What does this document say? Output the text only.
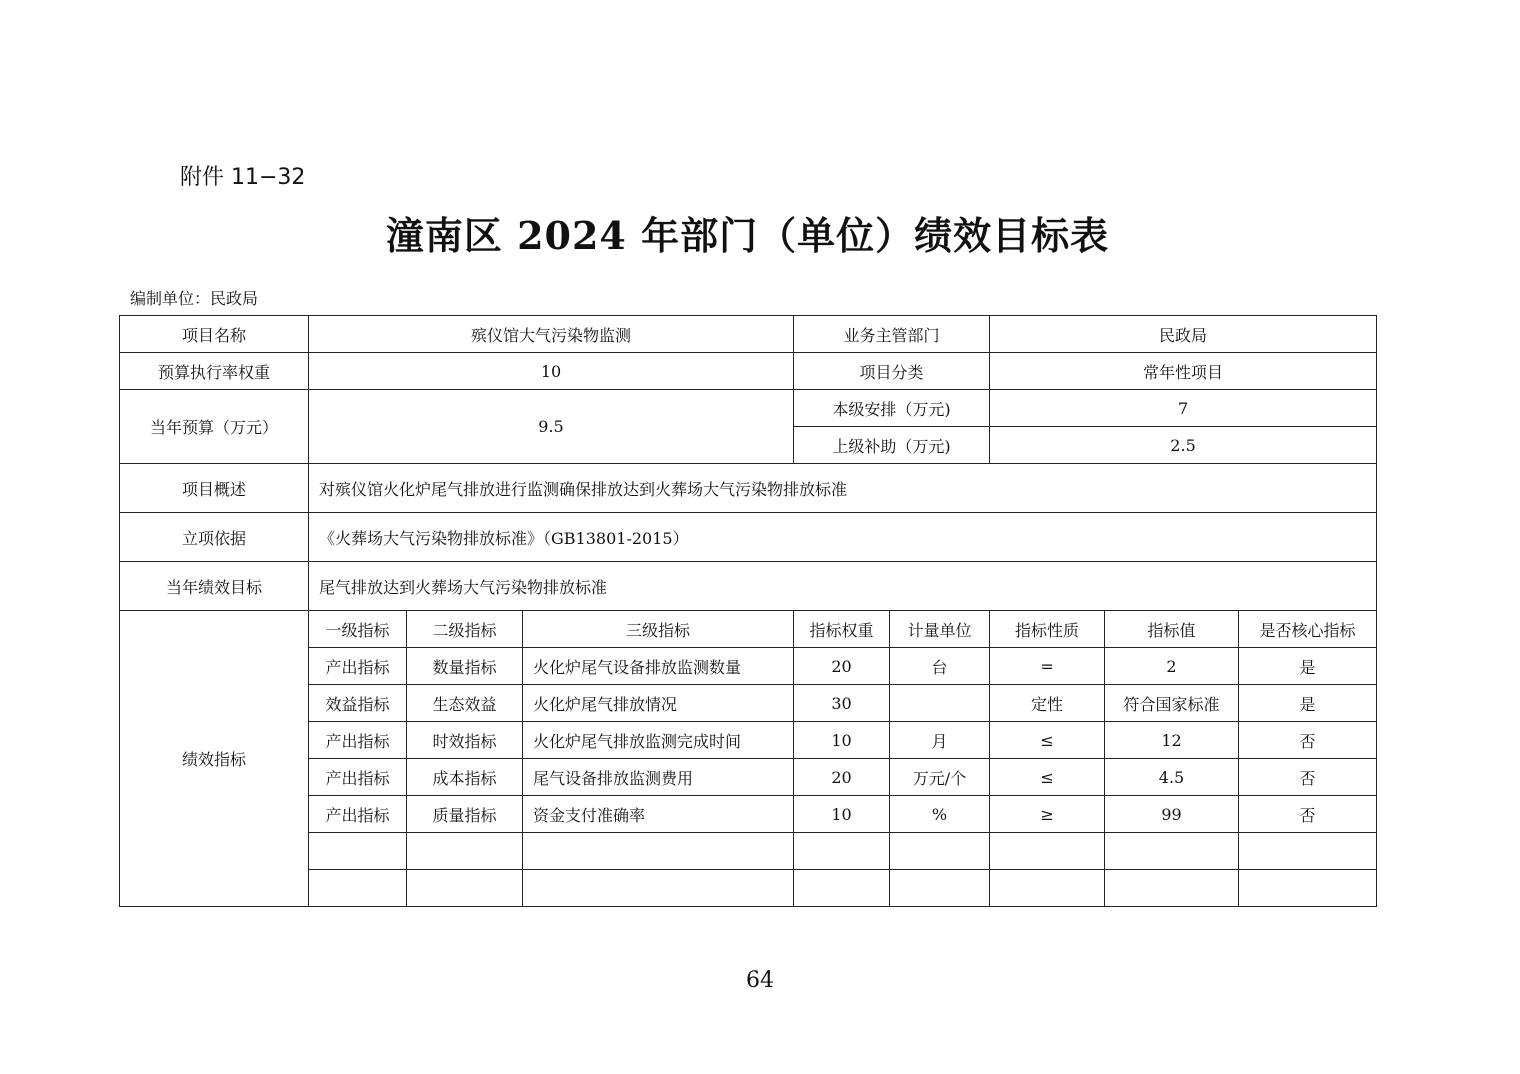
附件 11−32
潼南区 2024 年部门（单位）绩效目标表
编制单位：民政局
项目名称	殡仪馆大气污染物监测			业务主管部门		民政局		
预算执行率权重	10			项目分类		常年性项目		
当年预算（万元）	9.5			本级安排（万元)		7		
				上级补助（万元)		2.5		
项目概述	对殡仪馆火化炉尾气排放进行监测确保排放达到火葬场大气污染物排放标准							
立项依据	《火葬场大气污染物排放标准》（GB13801-2015）							
当年绩效目标	尾气排放达到火葬场大气污染物排放标准							
绩效指标	一级指标	二级指标	三级指标	指标权重	计量单位	指标性质	指标值	是否核心指标
	产出指标	数量指标	火化炉尾气设备排放监测数量	20	台	=	2	是
	效益指标	生态效益	火化炉尾气排放情况	30		定性	符合国家标准	是
	产出指标	时效指标	火化炉尾气排放监测完成时间	10	月	≤	12	否
	产出指标	成本指标	尾气设备排放监测费用	20	万元/个	≤	4.5	否
	产出指标	质量指标	资金支付准确率	10	%	≥	99	否

64
